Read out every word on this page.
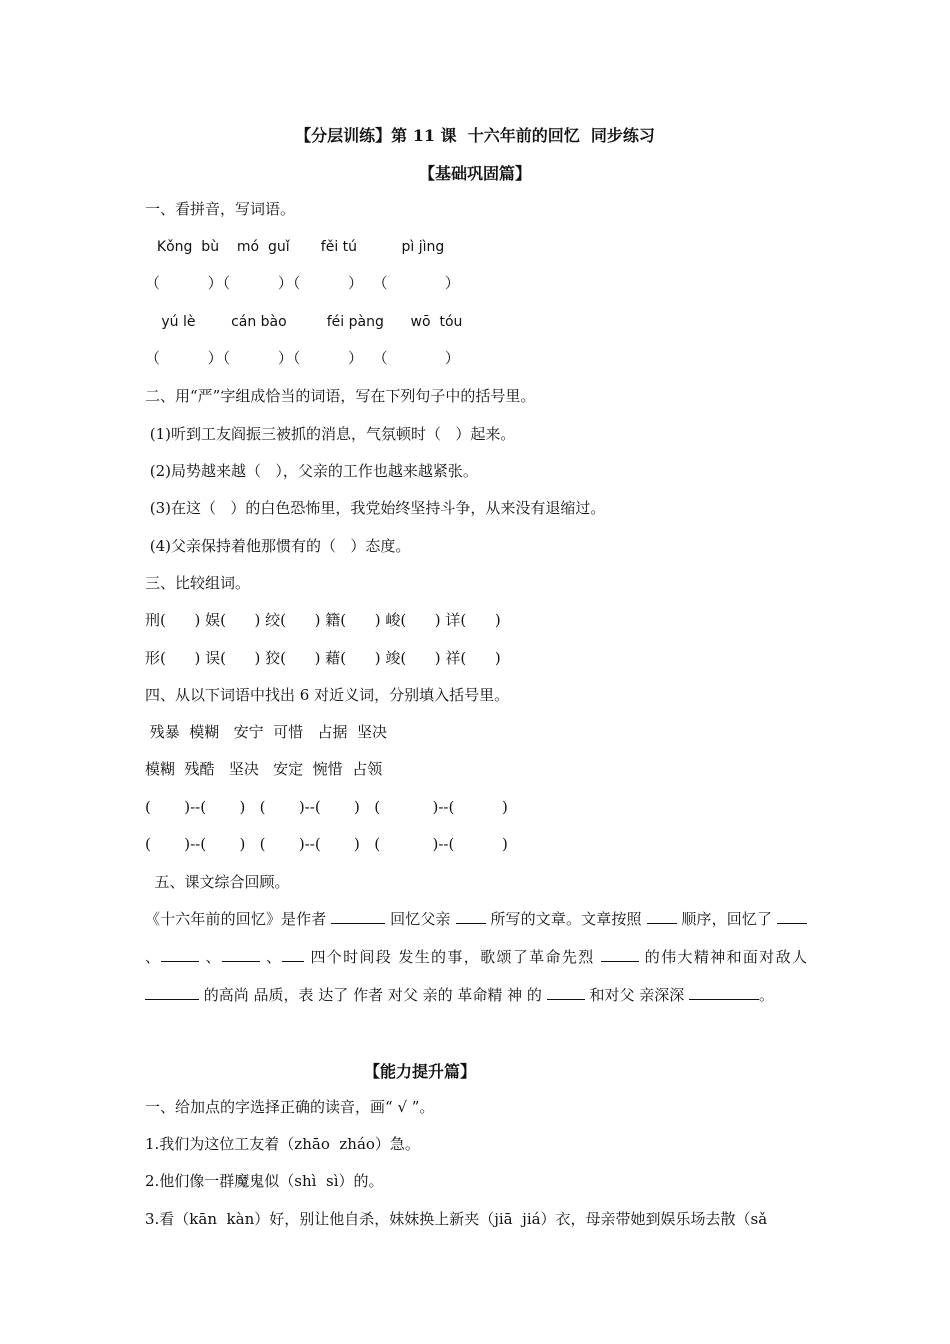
【分层训练】第 11 课  十六年前的回忆  同步练习
【基础巩固篇】
一、看拼音，写词语。
Kǒng  bù    mó  guǐ       fěi tú          pì jìng
（          ）（          ）（          ）  （            ）
yú lè        cán bào         féi pàng      wō  tóu
（          ）（          ）（          ）  （            ）
二、用“严”字组成恰当的词语，写在下列句子中的括号里。
(1)听到工友阎振三被抓的消息，气氛顿时（   ）起来。
(2)局势越来越（   ），父亲的工作也越来越紧张。
(3)在这（   ）的白色恐怖里，我党始终坚持斗争，从来没有退缩过。
(4)父亲保持着他那惯有的（   ）态度。
三、比较组词。
刑(      ) 娱(      ) 绞(      ) 籍(      ) 峻(      ) 详(      )
形(      ) 误(      ) 狡(      ) 藉(      ) 竣(      ) 祥(      )
四、从以下词语中找出 6 对近义词，分别填入括号里。
残暴  模糊   安宁  可惜   占据  坚决
模糊  残酷   坚决   安定  惋惜  占领
(       )--(       )   (       )--(       )   (           )--(          )
(       )--(       )   (       )--(       )   (           )--(          )
五、课文综合回顾。
《十六年前的回忆》是作者	回忆父亲  所写的文章。文章按照  顺序，回忆了  、	、	、 四个时间段 发生的事，歌颂了革命先烈	的伟大精神和面对敌人  的高尚 品质，表 达了 作者 对父 亲的 革命精 神 的	和对父 亲深深	。
【能力提升篇】
一、给加点的字选择正确的读音，画“ √ ”。
1.我们为这位工友着（zhāo  zháo）急。
2.他们像一群魔鬼似（shì  sì）的。
3.看（kān  kàn）好，别让他自杀，妹妹换上新夹（jiā  jiá）衣，母亲带她到娱乐场去散（sǎ
